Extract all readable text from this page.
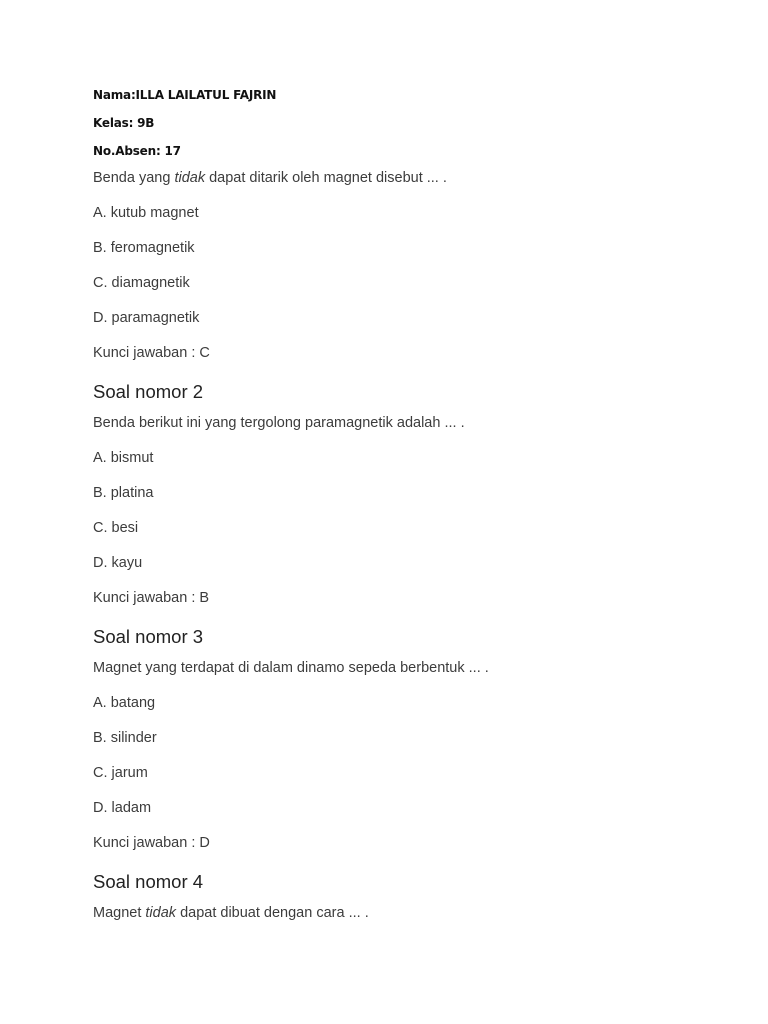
Nama:ILLA LAILATUL FAJRIN
Kelas: 9B
No.Absen: 17
Benda yang tidak dapat ditarik oleh magnet disebut ... .
A. kutub magnet
B. feromagnetik
C. diamagnetik
D. paramagnetik
Kunci jawaban : C
Soal nomor 2
Benda berikut ini yang tergolong paramagnetik adalah ... .
A. bismut
B. platina
C. besi
D. kayu
Kunci jawaban : B
Soal nomor 3
Magnet yang terdapat di dalam dinamo sepeda berbentuk ... .
A. batang
B. silinder
C. jarum
D. ladam
Kunci jawaban : D
Soal nomor 4
Magnet tidak dapat dibuat dengan cara ... .
